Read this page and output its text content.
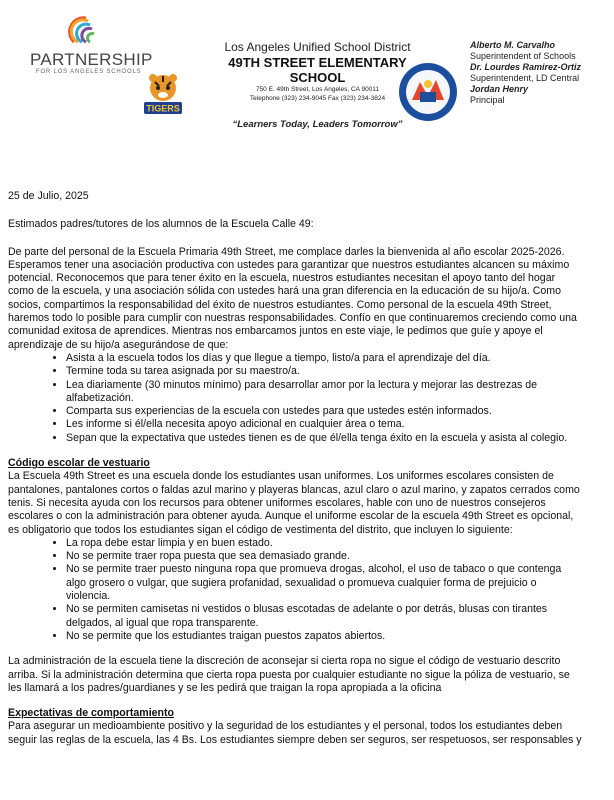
PARTNERSHIP
FOR LOS ANGELES SCHOOLS
TIGERS
Los Angeles Unified School District
49TH STREET ELEMENTARY SCHOOL
750 E. 49th Street, Los Angeles, CA 90011
Telephone (323) 234-9045 Fax (323) 234-3824
“Learners Today, Leaders Tomorrow”
Alberto M. Carvalho
Superintendent of Schools
Dr. Lourdes Ramirez-Ortiz
Superintendent, LD Central
Jordan Henry
Principal

25 de Julio, 2025

Estimados padres/tutores de los alumnos de la Escuela Calle 49:

De parte del personal de la Escuela Primaria 49th Street, me complace darles la bienvenida al año escolar 2025-2026. Esperamos tener una asociación productiva con ustedes para garantizar que nuestros estudiantes alcancen su máximo potencial. Reconocemos que para tener éxito en la escuela, nuestros estudiantes necesitan el apoyo tanto del hogar como de la escuela, y una asociación sólida con ustedes hará una gran diferencia en la educación de su hijo/a. Como socios, compartimos la responsabilidad del éxito de nuestros estudiantes. Como personal de la escuela 49th Street, haremos todo lo posible para cumplir con nuestras responsabilidades. Confío en que continuaremos creciendo como una comunidad exitosa de aprendices. Mientras nos embarcamos juntos en este viaje, le pedimos que guíe y apoye el aprendizaje de su hijo/a asegurándose de que:

• Asista a la escuela todos los días y que llegue a tiempo, listo/a para el aprendizaje del día.
• Termine toda su tarea asignada por su maestro/a.
• Lea diariamente (30 minutos mínimo) para desarrollar amor por la lectura y mejorar las destrezas de alfabetización.
• Comparta sus experiencias de la escuela con ustedes para que ustedes estén informados.
• Les informe si él/ella necesita apoyo adicional en cualquier área o tema.
• Sepan que la expectativa que ustedes tienen es de que él/ella tenga éxito en la escuela y asista al colegio.

Código escolar de vestuario

La Escuela 49th Street es una escuela donde los estudiantes usan uniformes. Los uniformes escolares consisten de pantalones, pantalones cortos o faldas azul marino y playeras blancas, azul claro o azul marino, y zapatos cerrados como tenis. Si necesita ayuda con los recursos para obtener uniformes escolares, hable con uno de nuestros consejeros escolares o con la administración para obtener ayuda. Aunque el uniforme escolar de la escuela 49th Street es opcional, es obligatorio que todos los estudiantes sigan el código de vestimenta del distrito, que incluyen lo siguiente:

• La ropa debe estar limpia y en buen estado.
• No se permite traer ropa puesta que sea demasiado grande.
• No se permite traer puesto ninguna ropa que promueva drogas, alcohol, el uso de tabaco o que contenga algo grosero o vulgar, que sugiera profanidad, sexualidad o promueva cualquier forma de prejuicio o violencia.
• No se permiten camisetas ni vestidos o blusas escotadas de adelante o por detrás, blusas con tirantes delgados, al igual que ropa transparente.
• No se permite que los estudiantes traigan puestos zapatos abiertos.

La administración de la escuela tiene la discreción de aconsejar si cierta ropa no sigue el código de vestuario descrito arriba. Si la administración determina que cierta ropa puesta por cualquier estudiante no sigue la póliza de vestuario, se les llamará a los padres/guardianes y se les pedirá que traigan la ropa apropiada a la oficina

Expectativas de comportamiento

Para asegurar un medioambiente positivo y la seguridad de los estudiantes y el personal, todos los estudiantes deben seguir las reglas de la escuela, las 4 Bs. Los estudiantes siempre deben ser seguros, ser respetuosos, ser responsables y
